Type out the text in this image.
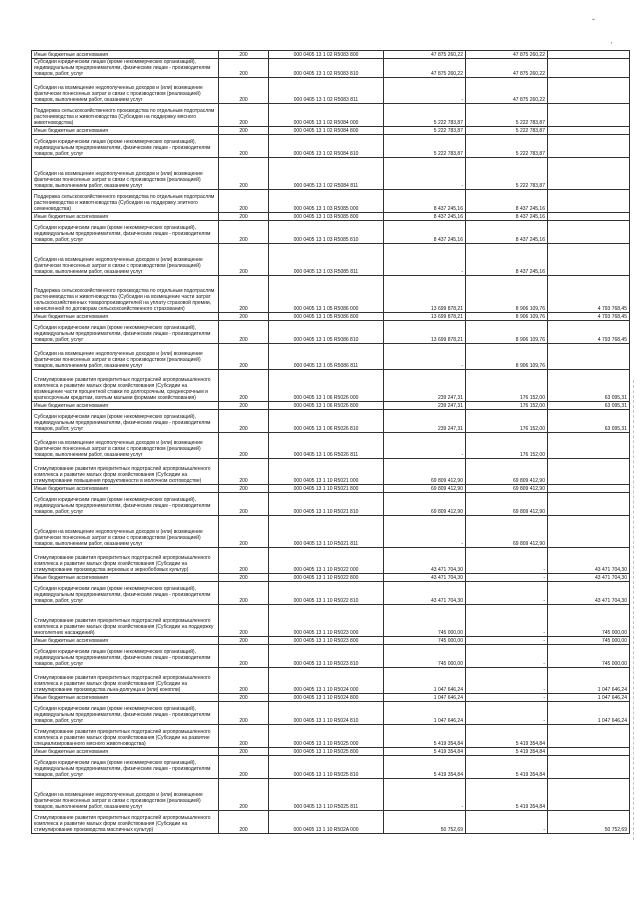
-
'
Иные бюджетные ассигнования	200	000 0405 13 1 02 R5083 800	47 875 260,22	47 875 260,22	
Субсидии юридическим лицам (кроме некоммерческих организаций), индивидуальным предпринимателям, физическим лицам - производителям товаров, работ, услуг	200	000 0405 13 1 02 R5083 810	47 875 260,22	47 875 260,22	
Субсидии на возмещение недополученных доходов и (или) возмещение фактически понесенных затрат в связи с производством (реализацией) товаров, выполнением работ, оказанием услуг	200	000 0405 13 1 02 R5083 811	-	47 875 260,22	
Поддержка сельскохозяйственного производства по отдельным подотраслям растениеводства и животноводства (Субсидии на поддержку мясного животноводства)	200	000 0405 13 1 02 R5084 000	5 222 783,87	5 222 783,87	
Иные бюджетные ассигнования	200	000 0405 13 1 02 R5084 800	5 222 783,87	5 222 783,87	
Субсидии юридическим лицам (кроме некоммерческих организаций), индивидуальным предпринимателям, физическим лицам - производителям товаров, работ, услуг	200	000 0405 13 1 02 R5084 810	5 222 783,87	5 222 783,87	
Субсидии на возмещение недополученных доходов и (или) возмещение фактически понесенных затрат в связи с производством (реализацией) товаров, выполнением работ, оказанием услуг	200	000 0405 13 1 02 R5084 811	-	5 222 783,87	
Поддержка сельскохозяйственного производства по отдельным подотраслям растениеводства и животноводства (Субсидии на поддержку элитного семеноводства)	200	000 0405 13 1 03 R5085 000	8 437 245,16	8 437 245,16	
Иные бюджетные ассигнования	200	000 0405 13 1 03 R5085 800	8 437 245,16	8 437 245,16	
Субсидии юридическим лицам (кроме некоммерческих организаций), индивидуальным предпринимателям, физическим лицам - производителям товаров, работ, услуг	200	000 0405 13 1 03 R5085 810	8 437 245,16	8 437 245,16	
Субсидии на возмещение недополученных доходов и (или) возмещение фактически понесенных затрат в связи с производством (реализацией) товаров, выполнением работ, оказанием услуг	200	000 0405 13 1 03 R5085 811	-	8 437 245,16	
Поддержка сельскохозяйственного производства по отдельным подотраслям растениеводства и животноводства (Субсидии на возмещение части затрат сельскохозяйственных товаропроизводителей на уплату страховой премии, начисленной по договорам сельскохозяйственного страхования)	200	000 0405 13 1 05 R5086 000	13 699 878,21	8 906 109,76	4 793 768,45
Иные бюджетные ассигнования	200	000 0405 13 1 05 R5086 800	13 699 878,21	8 906 109,76	4 793 768,45
Субсидии юридическим лицам (кроме некоммерческих организаций), индивидуальным предпринимателям, физическим лицам - производителям товаров, работ, услуг	200	000 0405 13 1 05 R5086 810	13 699 878,21	8 906 109,76	4 793 768,45
Субсидии на возмещение недополученных доходов и (или) возмещение фактически понесенных затрат в связи с производством (реализацией) товаров, выполнением работ, оказанием услуг	200	000 0405 13 1 05 R5086 811	-	8 906 109,76	
Стимулирование развития приоритетных подотраслей агропромышленного комплекса и развитие малых форм хозяйствования (Субсидии на возмещение части процентной ставки по долгосрочным, среднесрочным и краткосрочным кредитам, взятым малыми формами хозяйствования)	200	000 0405 13 1 06 R5026 000	239 247,31	176 152,00	63 095,31
Иные бюджетные ассигнования	200	000 0405 13 1 06 R5026 800	239 247,31	176 152,00	63 095,31
Субсидии юридическим лицам (кроме некоммерческих организаций), индивидуальным предпринимателям, физическим лицам - производителям товаров, работ, услуг	200	000 0405 13 1 06 R5026 810	239 247,31	176 152,00	63 095,31
Субсидии на возмещение недополученных доходов и (или) возмещение фактически понесенных затрат в связи с производством (реализацией) товаров, выполнением работ, оказанием услуг	200	000 0405 13 1 06 R5026 811	-	176 152,00	
Стимулирование развития приоритетных подотраслей агропромышленного комплекса и развитие малых форм хозяйствования (Субсидии на стимулирование повышения продуктивности в молочном скотоводстве)	200	000 0405 13 1 10 R5021 000	69 809 412,90	69 809 412,90	
Иные бюджетные ассигнования	200	000 0405 13 1 10 R5021 800	69 809 412,90	69 809 412,90	
Субсидии юридическим лицам (кроме некоммерческих организаций), индивидуальным предпринимателям, физическим лицам - производителям товаров, работ, услуг	200	000 0405 13 1 10 R5021 810	69 809 412,90	69 809 412,90	
Субсидии на возмещение недополученных доходов и (или) возмещение фактически понесенных затрат в связи с производством (реализацией) товаров, выполнением работ, оказанием услуг	200	000 0405 13 1 10 R5021 811	-	69 809 412,90	
Стимулирование развития приоритетных подотраслей агропромышленного комплекса и развитие малых форм хозяйствования (Субсидии на стимулирование производства зерновых и зернобобовых культур)	200	000 0405 13 1 10 R5022 000	43 471 704,30	-	43 471 704,30
Иные бюджетные ассигнования	200	000 0405 13 1 10 R5022 800	43 471 704,30	-	43 471 704,30
Субсидии юридическим лицам (кроме некоммерческих организаций), индивидуальным предпринимателям, физическим лицам - производителям товаров, работ, услуг	200	000 0405 13 1 10 R5022 810	43 471 704,30	-	43 471 704,30
Стимулирование развития приоритетных подотраслей агропромышленного комплекса и развитие малых форм хозяйствования (Субсидии на поддержку многолетних насаждений)	200	000 0405 13 1 10 R5023 000	745 000,00	-	745 000,00
Иные бюджетные ассигнования	200	000 0405 13 1 10 R5023 800	745 000,00	-	745 000,00
Субсидии юридическим лицам (кроме некоммерческих организаций), индивидуальным предпринимателям, физическим лицам - производителям товаров, работ, услуг	200	000 0405 13 1 10 R5023 810	745 000,00	-	745 000,00
Стимулирование развития приоритетных подотраслей агропромышленного комплекса и развитие малых форм хозяйствования (Субсидии на стимулирование производства льна-долгунца и (или) конопли)	200	000 0405 13 1 10 R5024 000	1 047 646,24	-	1 047 646,24
Иные бюджетные ассигнования	200	000 0405 13 1 10 R5024 800	1 047 646,24	-	1 047 646,24
Субсидии юридическим лицам (кроме некоммерческих организаций), индивидуальным предпринимателям, физическим лицам - производителям товаров, работ, услуг	200	000 0405 13 1 10 R5024 810	1 047 646,24	-	1 047 646,24
Стимулирование развития приоритетных подотраслей агропромышленного комплекса и развитие малых форм хозяйствования (Субсидии на развитие специализированного мясного животноводства)	200	000 0405 13 1 10 R5025 000	5 419 354,84	5 419 354,84	
Иные бюджетные ассигнования	200	000 0405 13 1 10 R5025 800	5 419 354,84	5 419 354,84	
Субсидии юридическим лицам (кроме некоммерческих организаций), индивидуальным предпринимателям, физическим лицам - производителям товаров, работ, услуг	200	000 0405 13 1 10 R5025 810	5 419 354,84	5 419 354,84	
Субсидии на возмещение недополученных доходов и (или) возмещение фактически понесенных затрат в связи с производством (реализацией) товаров, выполнением работ, оказанием услуг	200	000 0405 13 1 10 R5025 811	-	5 419 354,84	
Стимулирование развития приоритетных подотраслей агропромышленного комплекса и развитие малых форм хозяйствования (Субсидии на стимулирование производства масличных культур)	200	000 0405 13 1 10 R502A 000	50 752,69	-	50 752,69
